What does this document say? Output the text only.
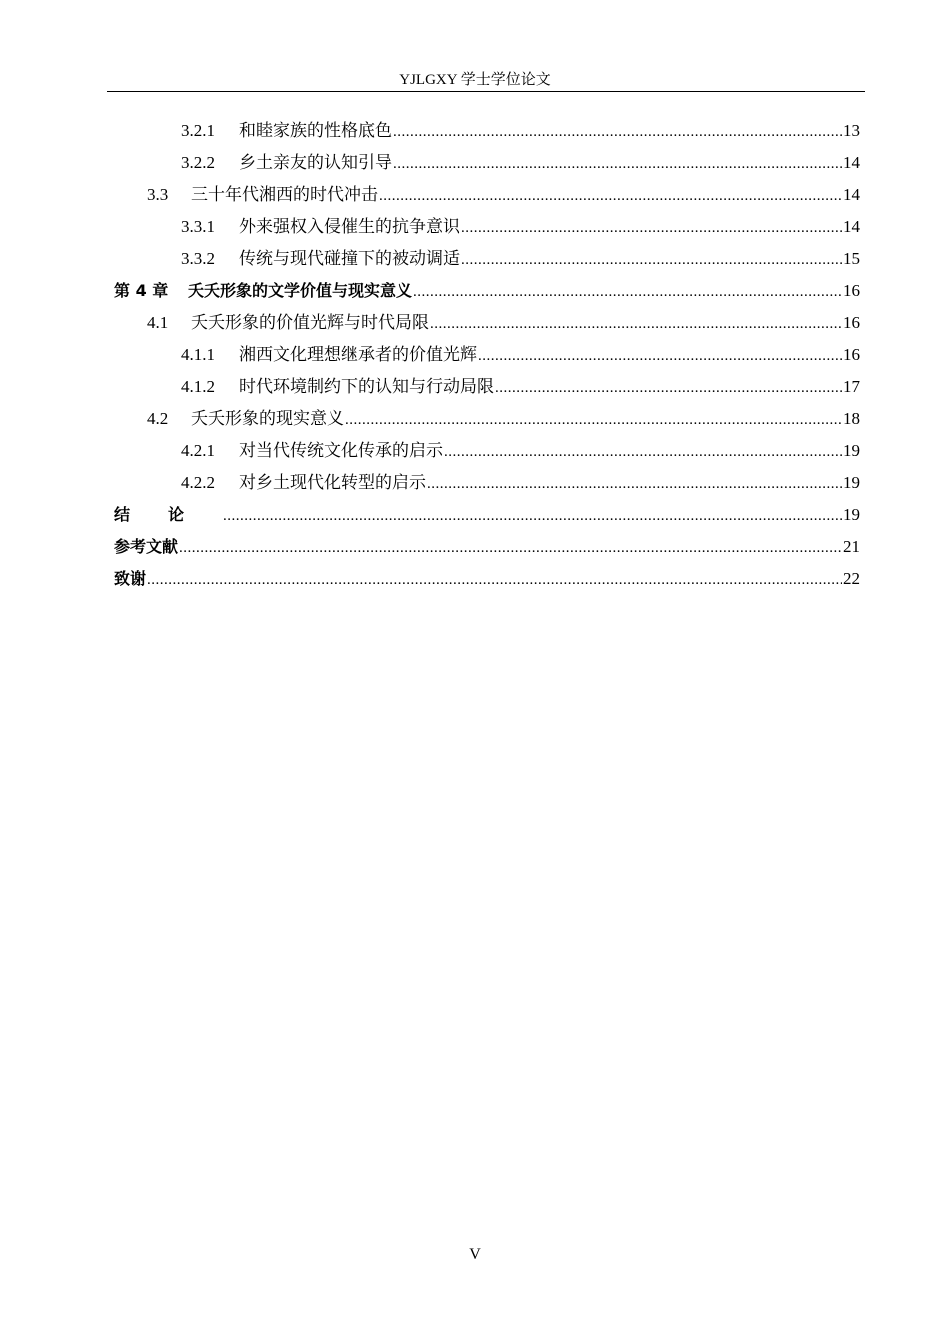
YJLGXY 学士学位论文
3.2.1	和睦家族的性格底色 .....	13
3.2.2	乡土亲友的认知引导 .....	14
3.3	三十年代湘西的时代冲击 .....	14
3.3.1	外来强权入侵催生的抗争意识 .....	14
3.3.2	传统与现代碰撞下的被动调适 .....	15
第 4 章	夭夭形象的文学价值与现实意义 .....	16
4.1	夭夭形象的价值光辉与时代局限 .....	16
4.1.1	湘西文化理想继承者的价值光辉 .....	16
4.1.2	时代环境制约下的认知与行动局限 .....	17
4.2	夭夭形象的现实意义 .....	18
4.2.1	对当代传统文化传承的启示 .....	19
4.2.2	对乡土现代化转型的启示 .....	19
结论 .....	19
参考文献 .....	21
致谢 .....	22
V
